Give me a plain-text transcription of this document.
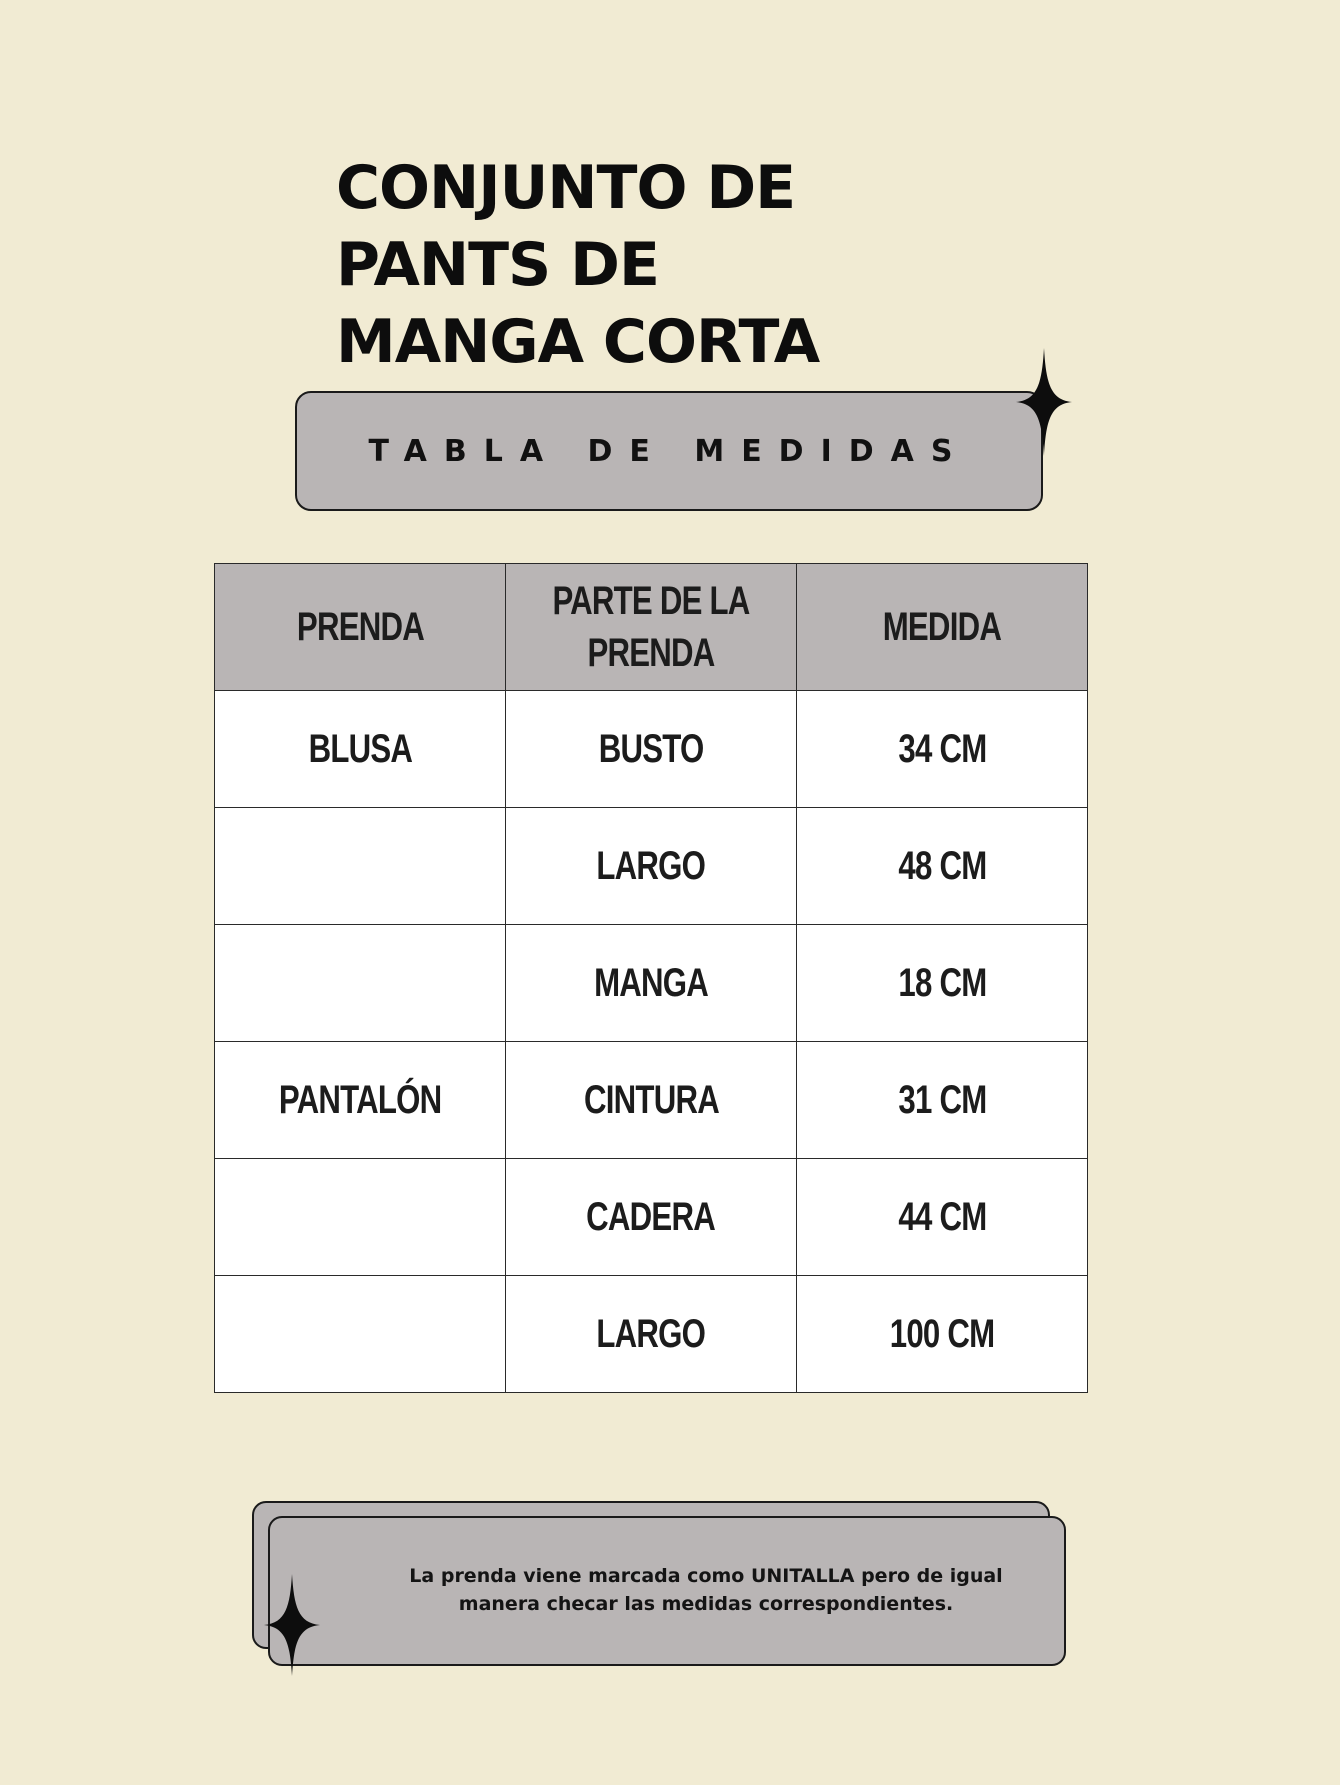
CONJUNTO DE
PANTS DE
MANGA CORTA
TABLA DE MEDIDAS
PRENDA	PARTE DE LA PRENDA	MEDIDA
BLUSA	BUSTO	34 CM
	LARGO	48 CM
	MANGA	18 CM
PANTALÓN	CINTURA	31 CM
	CADERA	44 CM
	LARGO	100 CM
La prenda viene marcada como UNITALLA pero de igual manera checar las medidas correspondientes.
